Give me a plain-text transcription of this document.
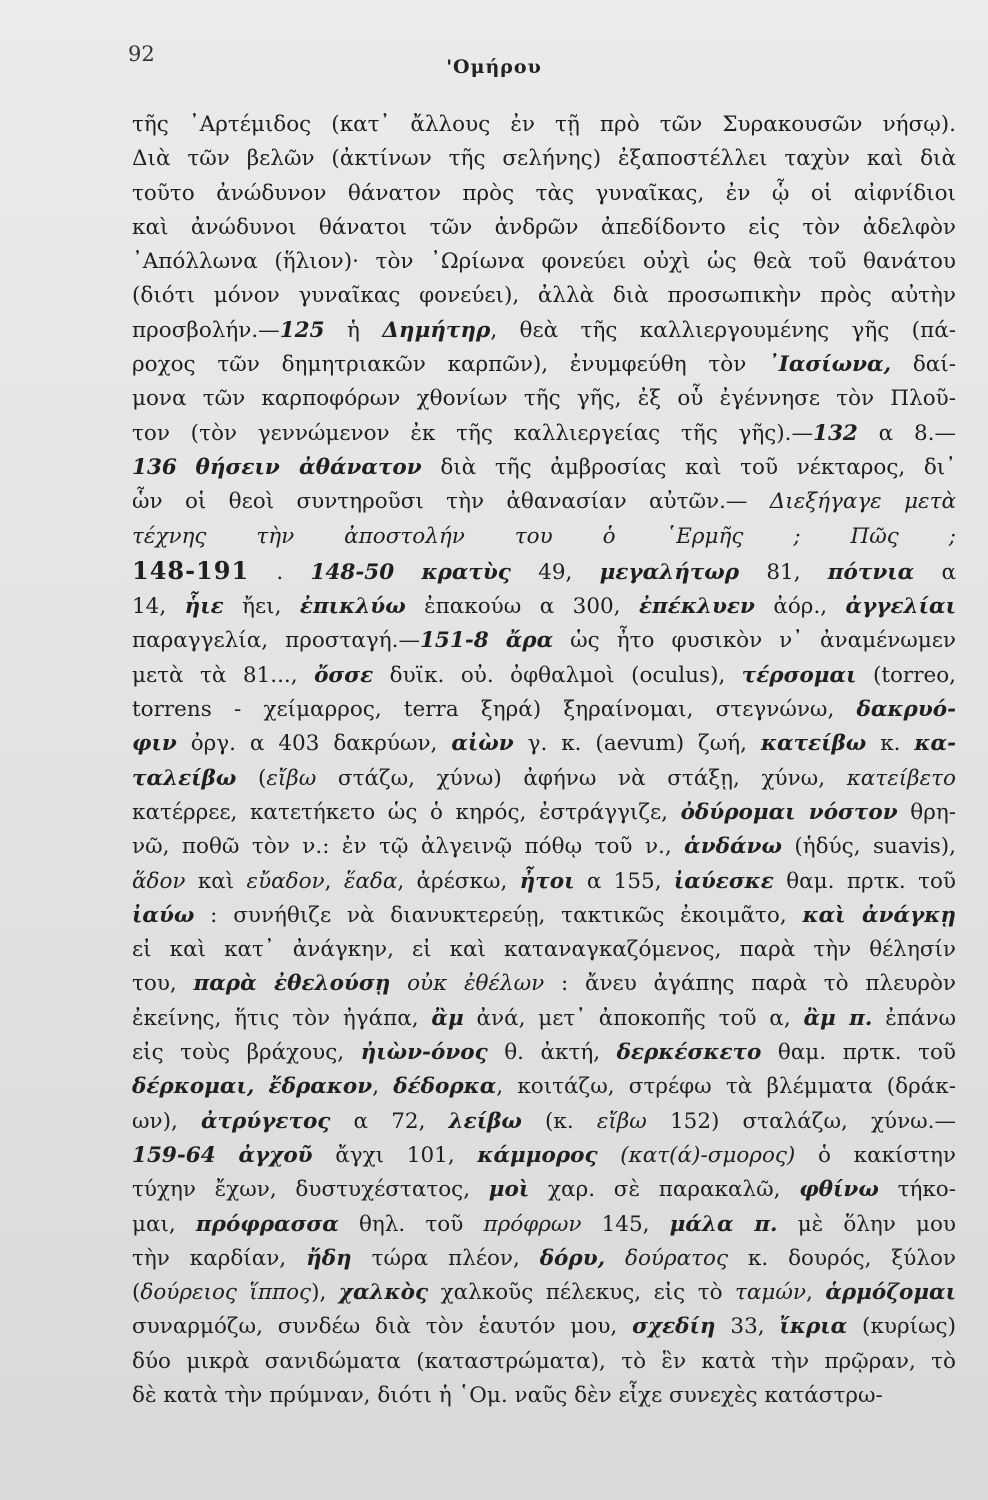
92
'Ομήρου
τῆς ᾿Αρτέμιδος (κατ᾿ ἄλλους ἐν τῇ πρὸ τῶν Συρακουσῶν νήσῳ).
Διὰ τῶν βελῶν (ἀκτίνων τῆς σελήνης) ἐξαποστέλλει ταχὺν καὶ διὰ
τοῦτο ἀνώδυνον θάνατον πρὸς τὰς γυναῖκας, ἐν ᾧ οἱ αἰφνίδιοι
καὶ ἀνώδυνοι θάνατοι τῶν ἀνδρῶν ἀπεδίδοντο εἰς τὸν ἀδελφὸν
᾿Απόλλωνα (ἥλιον)· τὸν ᾿Ωρίωνα φονεύει οὐχὶ ὡς θεὰ τοῦ θανάτου
(διότι μόνον γυναῖκας φονεύει), ἀλλὰ διὰ προσωπικὴν πρὸς αὐτὴν
προσβολήν.—125 ἡ Δημήτηρ, θεὰ τῆς καλλιεργουμένης γῆς (πά-
ροχος τῶν δημητριακῶν καρπῶν), ἐνυμφεύθη τὸν ᾿Ιασίωνα, δαί-
μονα τῶν καρποφόρων χθονίων τῆς γῆς, ἐξ οὗ ἐγέννησε τὸν Πλοῦ-
τον (τὸν γεννώμενον ἐκ τῆς καλλιεργείας τῆς γῆς).—132 α 8.—
136 θήσειν ἀθάνατον διὰ τῆς ἀμβροσίας καὶ τοῦ νέκταρος, δι᾿
ὧν οἱ θεοὶ συντηροῦσι τὴν ἀθανασίαν αὐτῶν.— Διεξήγαγε μετὰ
τέχνης τὴν ἀποστολήν του ὁ ῾Ερμῆς ; Πῶς ;
148-191 . 148-50 κρατὺς 49, μεγαλήτωρ 81, πότνια α
14, ἧιε ἤει, ἐπικλύω ἐπακούω α 300, ἐπέκλυεν ἀόρ., ἀγγελίαι
παραγγελία, προσταγή.—151-8 ἄρα ὡς ἦτο φυσικὸν ν᾿ ἀναμένωμεν
μετὰ τὰ 81..., ὄσσε δυϊκ. οὐ. ὀφθαλμοὶ (oculus), τέρσομαι (torreo,
torrens - χείμαρρος, terra ξηρά) ξηραίνομαι, στεγνώνω, δακρυό-
φιν ὀργ. α 403 δακρύων, αἰὼν γ. κ. (aevum) ζωή, κατείβω κ. κα-
ταλείβω (εἴβω στάζω, χύνω) ἀφήνω νὰ στάξῃ, χύνω, κατείβετο
κατέρρεε, κατετήκετο ὡς ὁ κηρός, ἐστράγγιζε, ὀδύρομαι νόστον θρη-
νῶ, ποθῶ τὸν ν.: ἐν τῷ ἀλγεινῷ πόθῳ τοῦ ν., ἁνδάνω (ἡδύς, suavis),
ἅδον καὶ εὔαδον, ἕαδα, ἀρέσκω, ἦτοι α 155, ἰαύεσκε θαμ. πρτκ. τοῦ
ἰαύω : συνήθιζε νὰ διανυκτερεύῃ, τακτικῶς ἐκοιμᾶτο, καὶ ἀνάγκῃ
εἰ καὶ κατ᾿ ἀνάγκην, εἰ καὶ καταναγκαζόμενος, παρὰ τὴν θέλησίν
του, παρὰ ἐθελούσῃ οὐκ ἐθέλων : ἄνευ ἀγάπης παρὰ τὸ πλευρὸν
ἐκείνης, ἥτις τὸν ἠγάπα, ἂμ ἀνά, μετ᾿ ἀποκοπῆς τοῦ α, ἂμ π. ἐπάνω
εἰς τοὺς βράχους, ἠιὼν-όνος θ. ἀκτή, δερκέσκετο θαμ. πρτκ. τοῦ
δέρκομαι, ἔδρακον, δέδορκα, κοιτάζω, στρέφω τὰ βλέμματα (δράκ-
ων), ἀτρύγετος α 72, λείβω (κ. εἴβω 152) σταλάζω, χύνω.—
159-64 ἀγχοῦ ἄγχι 101, κάμμορος (κατ(ά)-σμορος) ὁ κακίστην
τύχην ἔχων, δυστυχέστατος, μοὶ χαρ. σὲ παρακαλῶ, φθίνω τήκο-
μαι, πρόφρασσα θηλ. τοῦ πρόφρων 145, μάλα π. μὲ ὅλην μου
τὴν καρδίαν, ἤδη τώρα πλέον, δόρυ, δούρατος κ. δουρός, ξύλον
(δούρειος ἵππος), χαλκὸς χαλκοῦς πέλεκυς, εἰς τὸ ταμών, ἁρμόζομαι
συναρμόζω, συνδέω διὰ τὸν ἑαυτόν μου, σχεδίη 33, ἴκρια (κυρίως)
δύο μικρὰ σανιδώματα (καταστρώματα), τὸ ἓν κατὰ τὴν πρῷραν, τὸ
δὲ κατὰ τὴν πρύμναν, διότι ἡ ῾Ομ. ναῦς δὲν εἶχε συνεχὲς κατάστρω-
